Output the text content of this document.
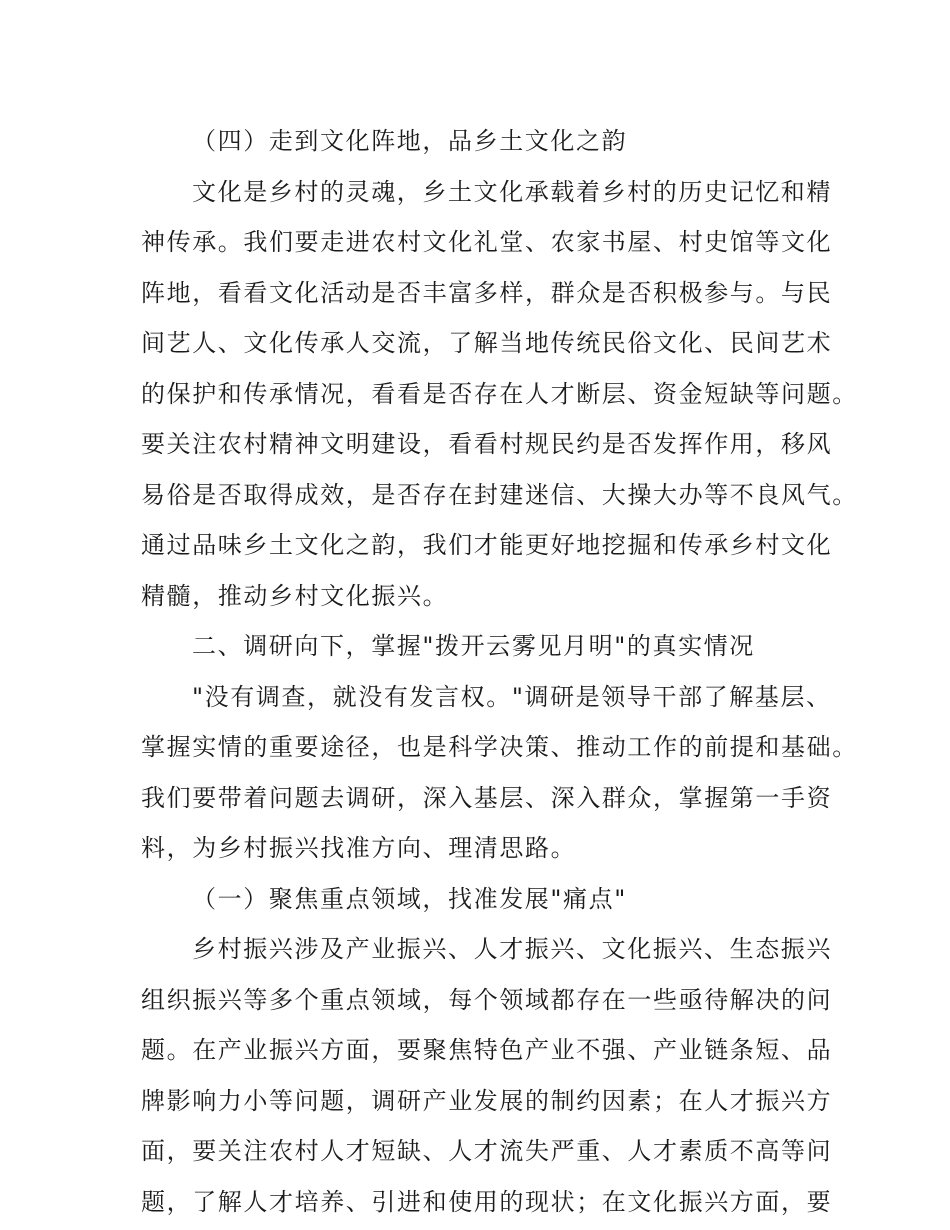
（四）走到文化阵地，品乡土文化之韵
文化是乡村的灵魂，乡土文化承载着乡村的历史记忆和精
神传承。我们要走进农村文化礼堂、农家书屋、村史馆等文化
阵地，看看文化活动是否丰富多样，群众是否积极参与。与民
间艺人、文化传承人交流，了解当地传统民俗文化、民间艺术
的保护和传承情况，看看是否存在人才断层、资金短缺等问题。
要关注农村精神文明建设，看看村规民约是否发挥作用，移风
易俗是否取得成效，是否存在封建迷信、大操大办等不良风气。
通过品味乡土文化之韵，我们才能更好地挖掘和传承乡村文化
精髓，推动乡村文化振兴。
二、调研向下，掌握"拨开云雾见月明"的真实情况
"没有调查，就没有发言权。"调研是领导干部了解基层、
掌握实情的重要途径，也是科学决策、推动工作的前提和基础。
我们要带着问题去调研，深入基层、深入群众，掌握第一手资
料，为乡村振兴找准方向、理清思路。
（一）聚焦重点领域，找准发展"痛点"
乡村振兴涉及产业振兴、人才振兴、文化振兴、生态振兴
组织振兴等多个重点领域，每个领域都存在一些亟待解决的问
题。在产业振兴方面，要聚焦特色产业不强、产业链条短、品
牌影响力小等问题，调研产业发展的制约因素；在人才振兴方
面，要关注农村人才短缺、人才流失严重、人才素质不高等问
题，了解人才培养、引进和使用的现状；在文化振兴方面，要
